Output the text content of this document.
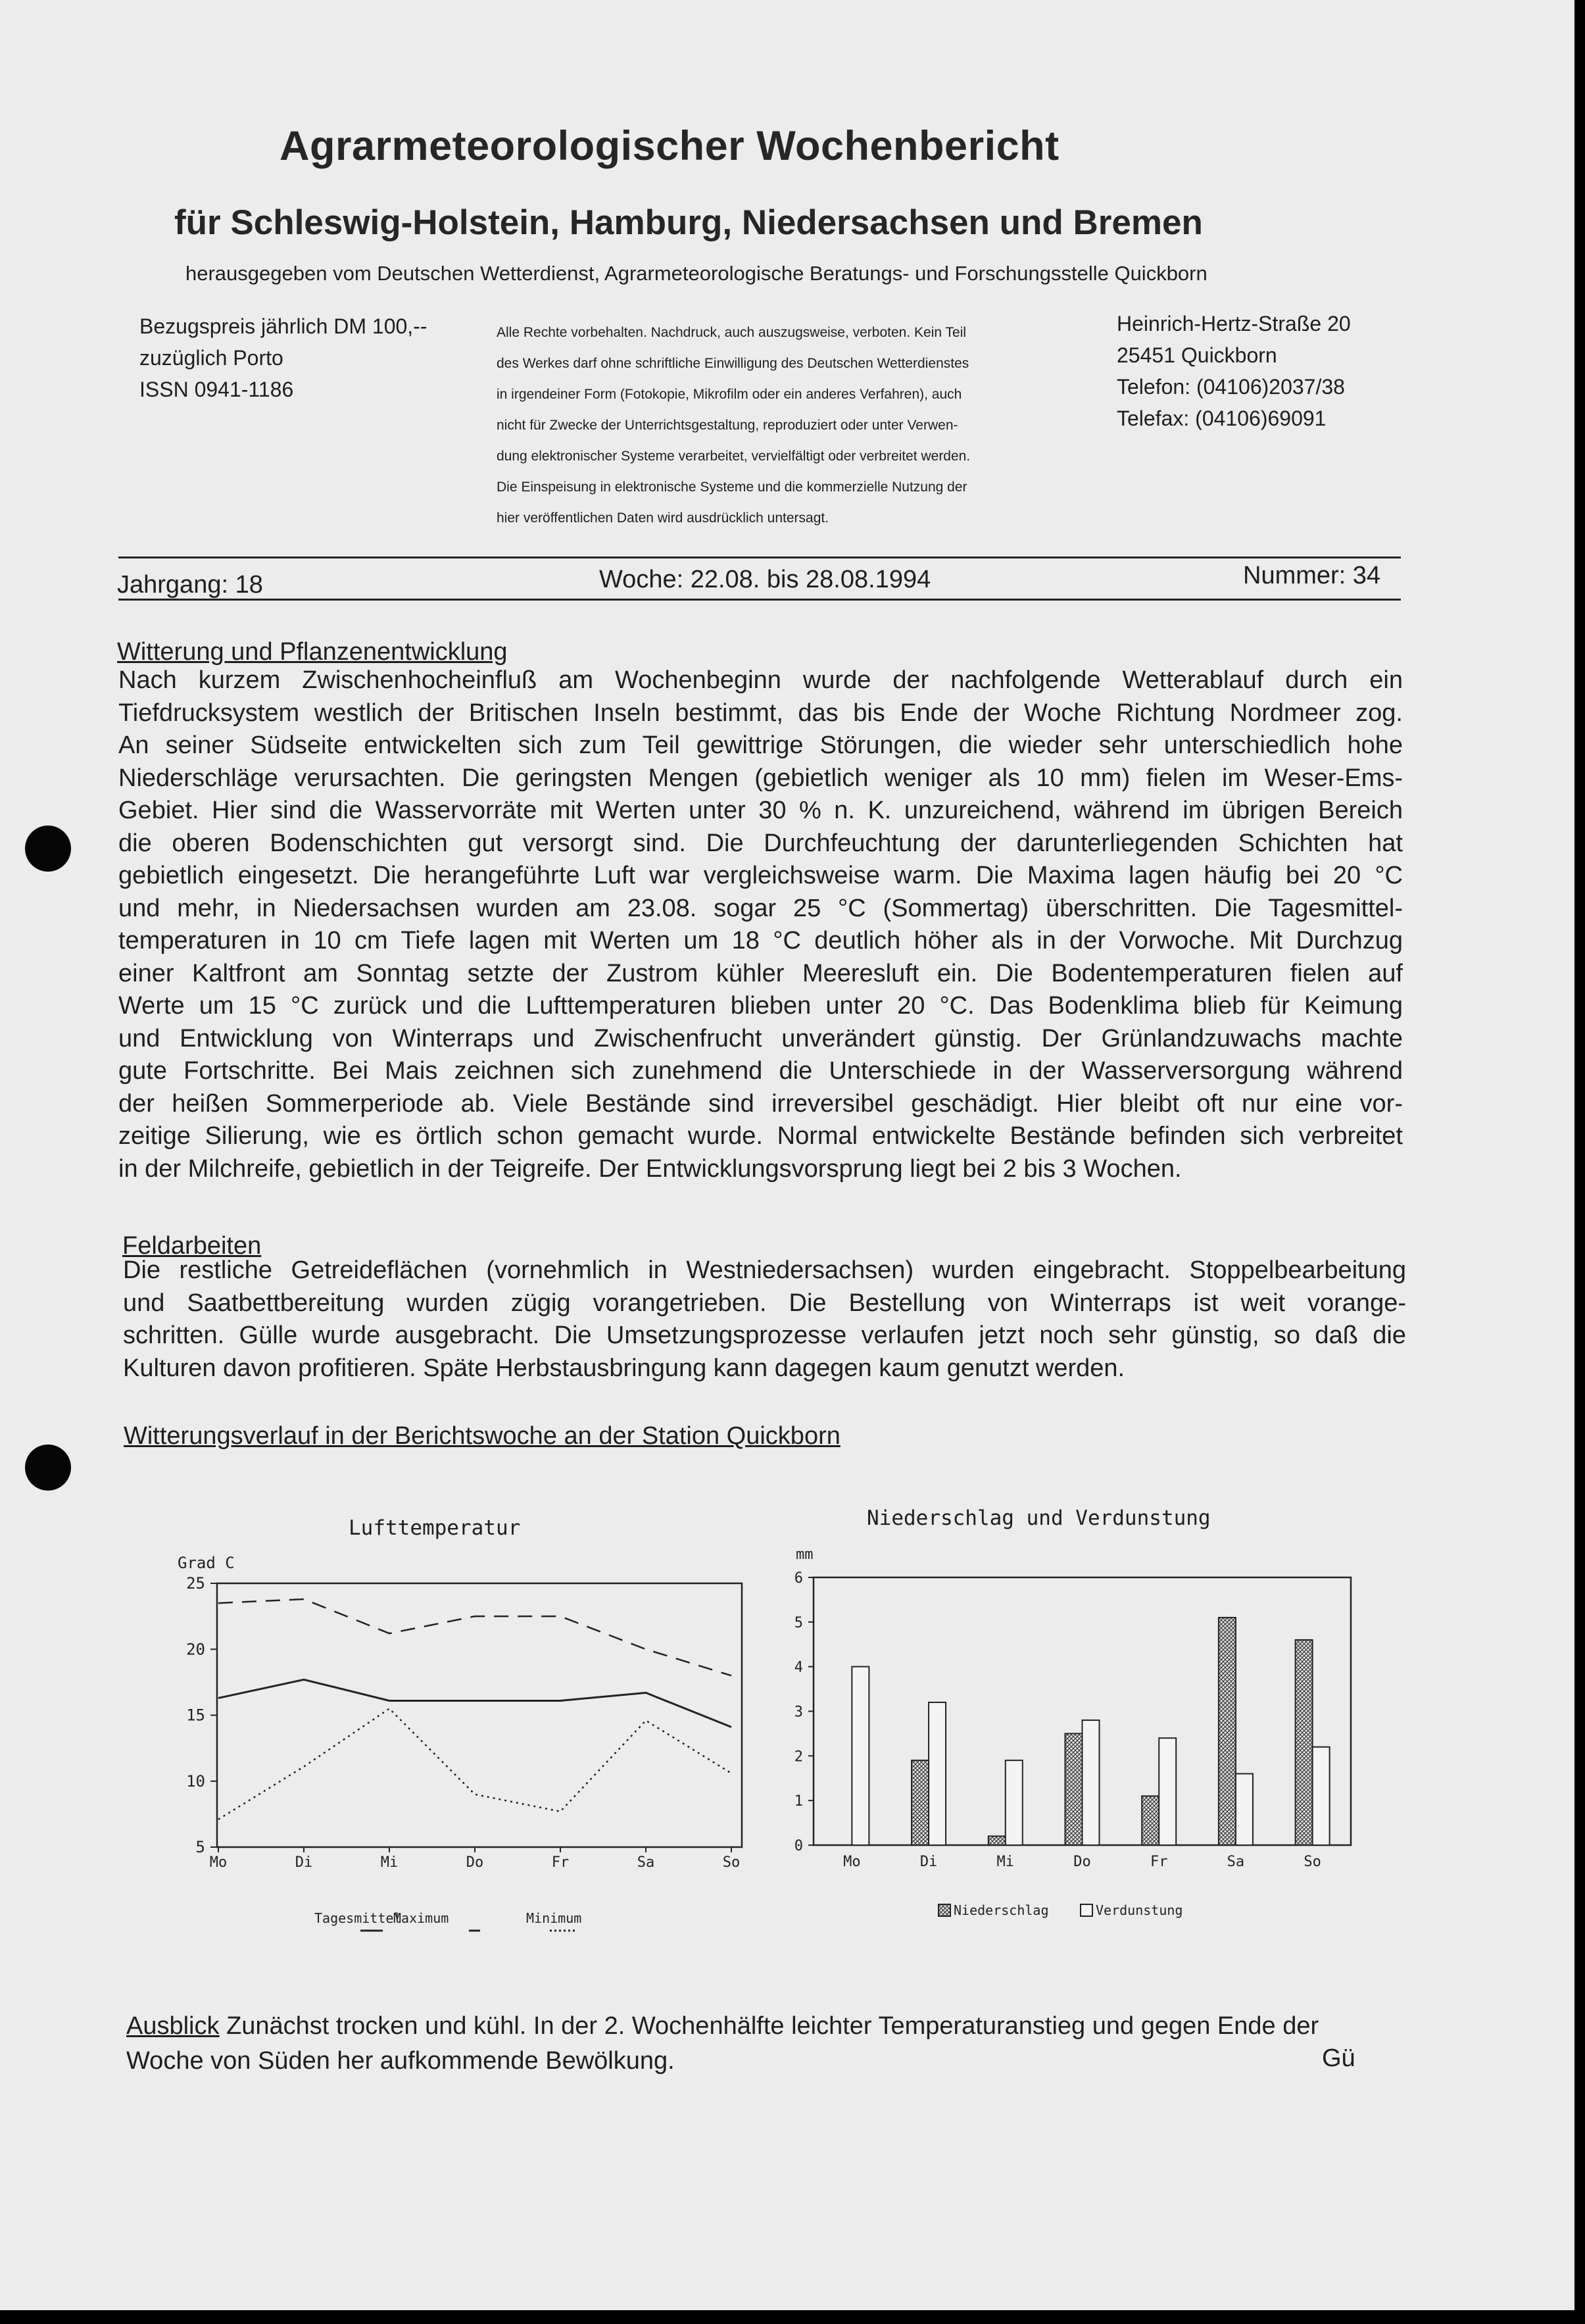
Agrarmeteorologischer Wochenbericht
für Schleswig-Holstein, Hamburg, Niedersachsen und Bremen
herausgegeben vom Deutschen Wetterdienst, Agrarmeteorologische Beratungs- und Forschungsstelle Quickborn
Bezugspreis jährlich DM 100,--
zuzüglich Porto
ISSN 0941-1186
Alle Rechte vorbehalten. Nachdruck, auch auszugsweise, verboten. Kein Teil
des Werkes darf ohne schriftliche Einwilligung des Deutschen Wetterdienstes
in irgendeiner Form (Fotokopie, Mikrofilm oder ein anderes Verfahren), auch
nicht für Zwecke der Unterrichtsgestaltung, reproduziert oder unter Verwen-
dung elektronischer Systeme verarbeitet, vervielfältigt oder verbreitet werden.
Die Einspeisung in elektronische Systeme und die kommerzielle Nutzung der
hier veröffentlichen Daten wird ausdrücklich untersagt.
Heinrich-Hertz-Straße 20
25451 Quickborn
Telefon: (04106)2037/38
Telefax: (04106)69091
Jahrgang: 18	Woche: 22.08. bis 28.08.1994	Nummer: 34
Witterung und Pflanzenentwicklung
Nach kurzem Zwischenhocheinfluß am Wochenbeginn wurde der nachfolgende Wetterablauf durch ein
Tiefdrucksystem westlich der Britischen Inseln bestimmt, das bis Ende der Woche Richtung Nordmeer zog.
An seiner Südseite entwickelten sich zum Teil gewittrige Störungen, die wieder sehr unterschiedlich hohe
Niederschläge verursachten. Die geringsten Mengen (gebietlich weniger als 10 mm) fielen im Weser-Ems-
Gebiet. Hier sind die Wasservorräte mit Werten unter 30 % n. K. unzureichend, während im übrigen Bereich
die oberen Bodenschichten gut versorgt sind. Die Durchfeuchtung der darunterliegenden Schichten hat
gebietlich eingesetzt. Die herangeführte Luft war vergleichsweise warm. Die Maxima lagen häufig bei 20 °C
und mehr, in Niedersachsen wurden am 23.08. sogar 25 °C (Sommertag) überschritten. Die Tagesmittel-
temperaturen in 10 cm Tiefe lagen mit Werten um 18 °C deutlich höher als in der Vorwoche. Mit Durchzug
einer Kaltfront am Sonntag setzte der Zustrom kühler Meeresluft ein. Die Bodentemperaturen fielen auf
Werte um 15 °C zurück und die Lufttemperaturen blieben unter 20 °C. Das Bodenklima blieb für Keimung
und Entwicklung von Winterraps und Zwischenfrucht unverändert günstig. Der Grünlandzuwachs machte
gute Fortschritte. Bei Mais zeichnen sich zunehmend die Unterschiede in der Wasserversorgung während
der heißen Sommerperiode ab. Viele Bestände sind irreversibel geschädigt. Hier bleibt oft nur eine vor-
zeitige Silierung, wie es örtlich schon gemacht wurde. Normal entwickelte Bestände befinden sich verbreitet
in der Milchreife, gebietlich in der Teigreife. Der Entwicklungsvorsprung liegt bei 2 bis 3 Wochen.
Feldarbeiten
Die restliche Getreideflächen (vornehmlich in Westniedersachsen) wurden eingebracht. Stoppelbearbeitung
und Saatbettbereitung wurden zügig vorangetrieben. Die Bestellung von Winterraps ist weit vorange-
schritten. Gülle wurde ausgebracht. Die Umsetzungsprozesse verlaufen jetzt noch sehr günstig, so daß die
Kulturen davon profitieren. Späte Herbstausbringung kann dagegen kaum genutzt werden.
Witterungsverlauf in der Berichtswoche an der Station Quickborn
Lufttemperatur	Niederschlag und Verdunstung
Grad C
25
20
15
10
5
Mo	Di	Mi	Do	Fr	Sa	So
Tagesmittel
Maximum	Minimum
mm
6
5
4
3
2
1
0
Mo	Di	Mi	Do	Fr	Sa	So
Niederschlag	Verdunstung
Ausblick Zunächst trocken und kühl. In der 2. Wochenhälfte leichter Temperaturanstieg und gegen Ende der
Woche von Süden her aufkommende Bewölkung.	Gü
